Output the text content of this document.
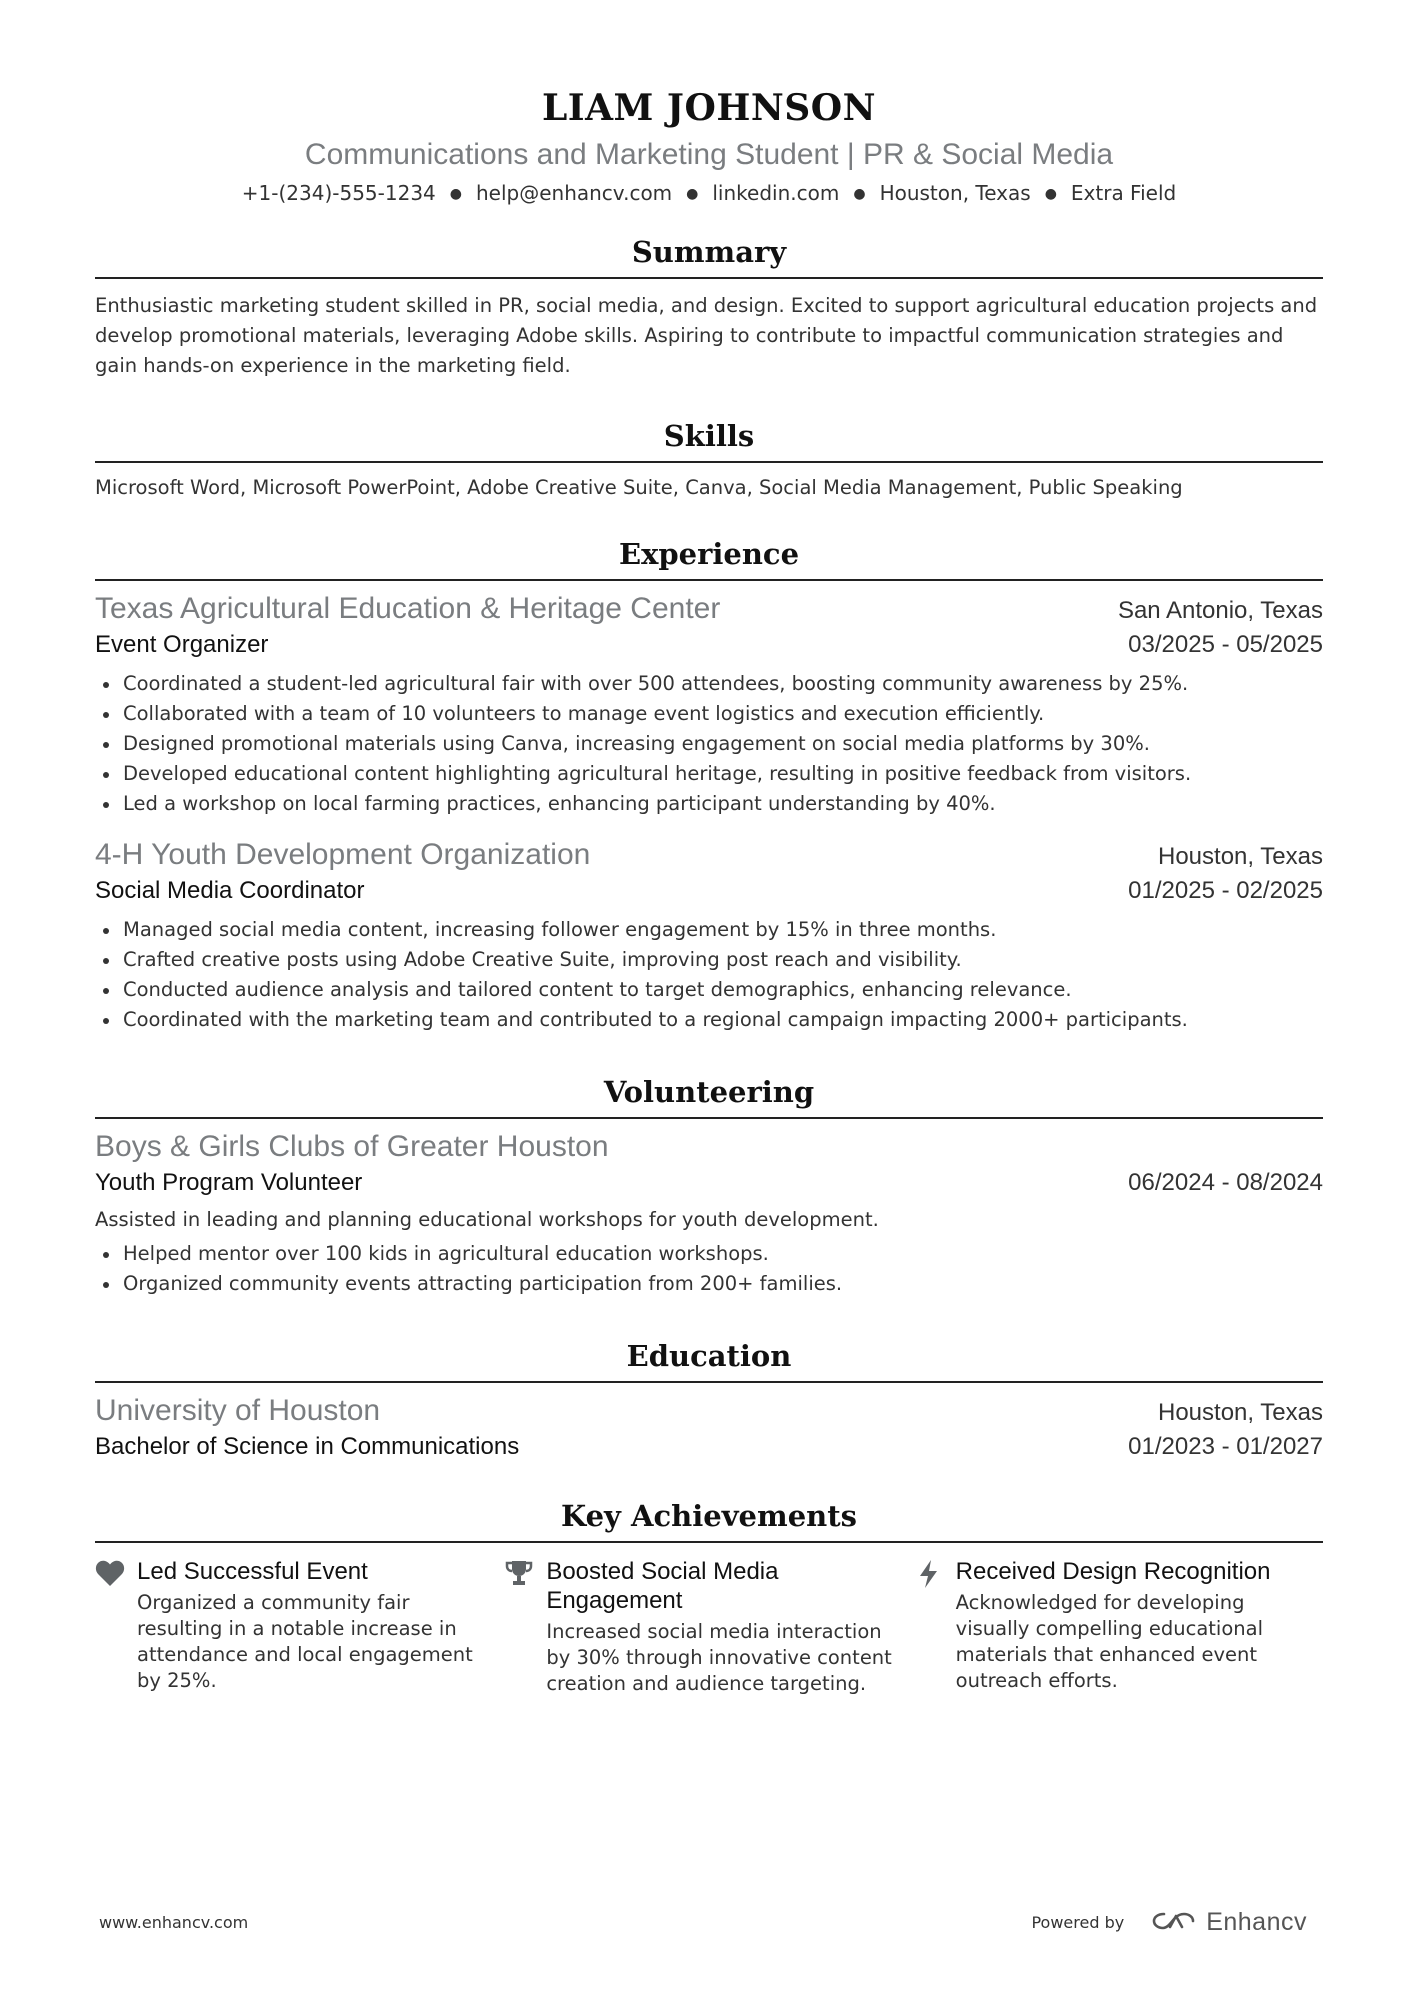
LIAM JOHNSON
Communications and Marketing Student | PR & Social Media
+1-(234)-555-1234 ● help@enhancv.com ● linkedin.com ● Houston, Texas ● Extra Field
Summary
Enthusiastic marketing student skilled in PR, social media, and design. Excited to support agricultural education projects and develop promotional materials, leveraging Adobe skills. Aspiring to contribute to impactful communication strategies and gain hands-on experience in the marketing field.
Skills
Microsoft Word, Microsoft PowerPoint, Adobe Creative Suite, Canva, Social Media Management, Public Speaking
Experience
Texas Agricultural Education & Heritage Center	San Antonio, Texas
Event Organizer	03/2025 - 05/2025
Coordinated a student-led agricultural fair with over 500 attendees, boosting community awareness by 25%.
Collaborated with a team of 10 volunteers to manage event logistics and execution efficiently.
Designed promotional materials using Canva, increasing engagement on social media platforms by 30%.
Developed educational content highlighting agricultural heritage, resulting in positive feedback from visitors.
Led a workshop on local farming practices, enhancing participant understanding by 40%.
4-H Youth Development Organization	Houston, Texas
Social Media Coordinator	01/2025 - 02/2025
Managed social media content, increasing follower engagement by 15% in three months.
Crafted creative posts using Adobe Creative Suite, improving post reach and visibility.
Conducted audience analysis and tailored content to target demographics, enhancing relevance.
Coordinated with the marketing team and contributed to a regional campaign impacting 2000+ participants.
Volunteering
Boys & Girls Clubs of Greater Houston
Youth Program Volunteer	06/2024 - 08/2024
Assisted in leading and planning educational workshops for youth development.
Helped mentor over 100 kids in agricultural education workshops.
Organized community events attracting participation from 200+ families.
Education
University of Houston	Houston, Texas
Bachelor of Science in Communications	01/2023 - 01/2027
Key Achievements
Led Successful Event
Organized a community fair resulting in a notable increase in attendance and local engagement by 25%.
Boosted Social Media Engagement
Increased social media interaction by 30% through innovative content creation and audience targeting.
Received Design Recognition
Acknowledged for developing visually compelling educational materials that enhanced event outreach efforts.
www.enhancv.com	Powered by	Enhancv
